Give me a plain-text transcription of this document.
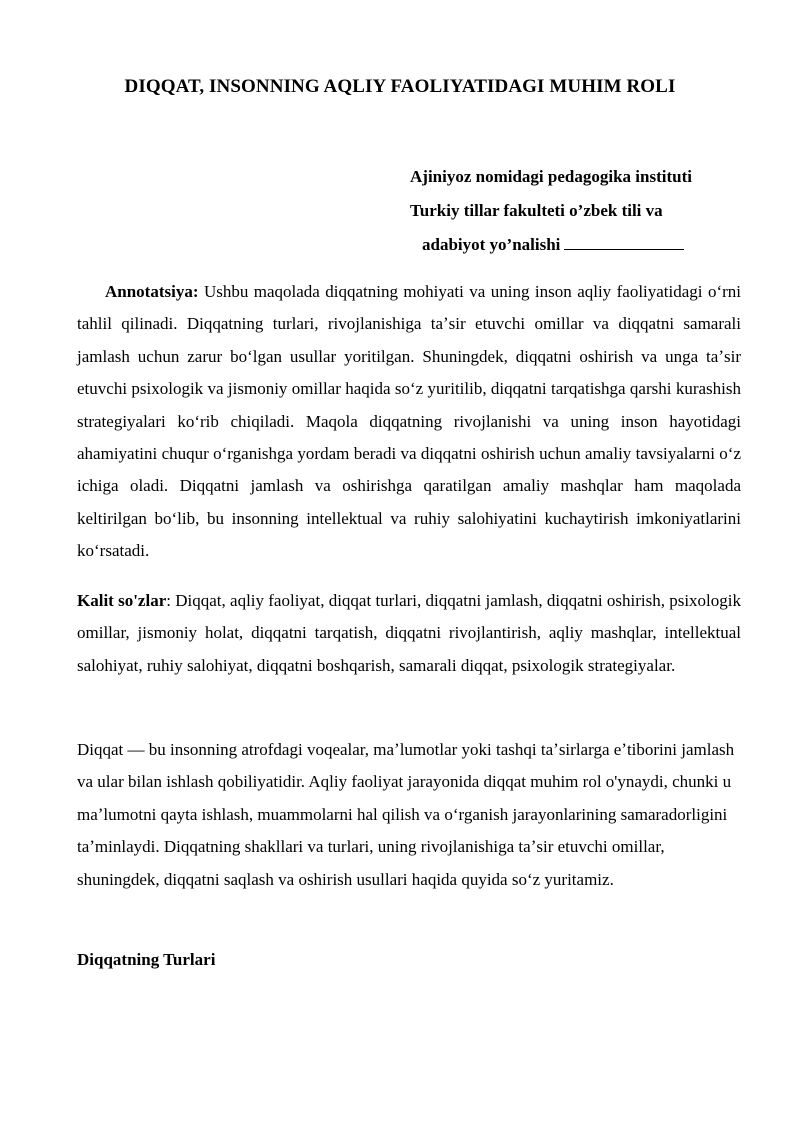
DIQQAT, INSONNING AQLIY FAOLIYATIDAGI MUHIM ROLI
Ajiniyoz nomidagi pedagogika instituti
Turkiy tillar fakulteti o’zbek tili va
adabiyot yo’nalishi

Annotatsiya: Ushbu maqolada diqqatning mohiyati va uning inson aqliy faoliyatidagi oʻrni tahlil qilinadi. Diqqatning turlari, rivojlanishiga taʼsir etuvchi omillar va diqqatni samarali jamlash uchun zarur boʻlgan usullar yoritilgan. Shuningdek, diqqatni oshirish va unga taʼsir etuvchi psixologik va jismoniy omillar haqida soʻz yuritilib, diqqatni tarqatishga qarshi kurashish strategiyalari koʻrib chiqiladi. Maqola diqqatning rivojlanishi va uning inson hayotidagi ahamiyatini chuqur oʻrganishga yordam beradi va diqqatni oshirish uchun amaliy tavsiyalarni oʻz ichiga oladi. Diqqatni jamlash va oshirishga qaratilgan amaliy mashqlar ham maqolada keltirilgan boʻlib, bu insonning intellektual va ruhiy salohiyatini kuchaytirish imkoniyatlarini koʻrsatadi.

Kalit so'zlar: Diqqat, aqliy faoliyat, diqqat turlari, diqqatni jamlash, diqqatni oshirish, psixologik omillar, jismoniy holat, diqqatni tarqatish, diqqatni rivojlantirish, aqliy mashqlar, intellektual salohiyat, ruhiy salohiyat, diqqatni boshqarish, samarali diqqat, psixologik strategiyalar.

Diqqat — bu insonning atrofdagi voqealar, maʼlumotlar yoki tashqi taʼsirlarga eʼtiborini jamlash va ular bilan ishlash qobiliyatidir. Aqliy faoliyat jarayonida diqqat muhim rol o'ynaydi, chunki u maʼlumotni qayta ishlash, muammolarni hal qilish va oʻrganish jarayonlarining samaradorligini taʼminlaydi. Diqqatning shakllari va turlari, uning rivojlanishiga taʼsir etuvchi omillar, shuningdek, diqqatni saqlash va oshirish usullari haqida quyida soʻz yuritamiz.

Diqqatning Turlari
